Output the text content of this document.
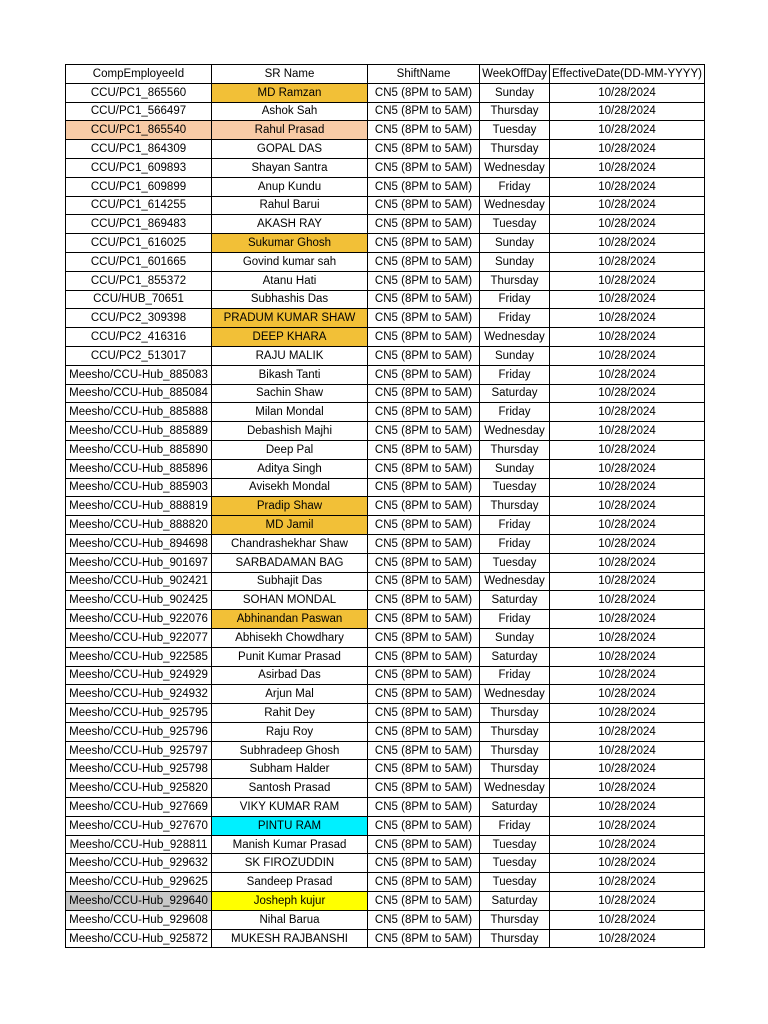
CompEmployeeId	SR Name	ShiftName	WeekOffDay	EffectiveDate(DD-MM-YYYY)
CCU/PC1_865560	MD Ramzan	CN5 (8PM to 5AM)	Sunday	10/28/2024
CCU/PC1_566497	Ashok Sah	CN5 (8PM to 5AM)	Thursday	10/28/2024
CCU/PC1_865540	Rahul Prasad	CN5 (8PM to 5AM)	Tuesday	10/28/2024
CCU/PC1_864309	GOPAL DAS	CN5 (8PM to 5AM)	Thursday	10/28/2024
CCU/PC1_609893	Shayan Santra	CN5 (8PM to 5AM)	Wednesday	10/28/2024
CCU/PC1_609899	Anup Kundu	CN5 (8PM to 5AM)	Friday	10/28/2024
CCU/PC1_614255	Rahul Barui	CN5 (8PM to 5AM)	Wednesday	10/28/2024
CCU/PC1_869483	AKASH RAY	CN5 (8PM to 5AM)	Tuesday	10/28/2024
CCU/PC1_616025	Sukumar Ghosh	CN5 (8PM to 5AM)	Sunday	10/28/2024
CCU/PC1_601665	Govind kumar sah	CN5 (8PM to 5AM)	Sunday	10/28/2024
CCU/PC1_855372	Atanu Hati	CN5 (8PM to 5AM)	Thursday	10/28/2024
CCU/HUB_70651	Subhashis Das	CN5 (8PM to 5AM)	Friday	10/28/2024
CCU/PC2_309398	PRADUM KUMAR SHAW	CN5 (8PM to 5AM)	Friday	10/28/2024
CCU/PC2_416316	DEEP KHARA	CN5 (8PM to 5AM)	Wednesday	10/28/2024
CCU/PC2_513017	RAJU MALIK	CN5 (8PM to 5AM)	Sunday	10/28/2024
Meesho/CCU-Hub_885083	Bikash Tanti	CN5 (8PM to 5AM)	Friday	10/28/2024
Meesho/CCU-Hub_885084	Sachin Shaw	CN5 (8PM to 5AM)	Saturday	10/28/2024
Meesho/CCU-Hub_885888	Milan Mondal	CN5 (8PM to 5AM)	Friday	10/28/2024
Meesho/CCU-Hub_885889	Debashish Majhi	CN5 (8PM to 5AM)	Wednesday	10/28/2024
Meesho/CCU-Hub_885890	Deep Pal	CN5 (8PM to 5AM)	Thursday	10/28/2024
Meesho/CCU-Hub_885896	Aditya Singh	CN5 (8PM to 5AM)	Sunday	10/28/2024
Meesho/CCU-Hub_885903	Avisekh Mondal	CN5 (8PM to 5AM)	Tuesday	10/28/2024
Meesho/CCU-Hub_888819	Pradip Shaw	CN5 (8PM to 5AM)	Thursday	10/28/2024
Meesho/CCU-Hub_888820	MD Jamil	CN5 (8PM to 5AM)	Friday	10/28/2024
Meesho/CCU-Hub_894698	Chandrashekhar Shaw	CN5 (8PM to 5AM)	Friday	10/28/2024
Meesho/CCU-Hub_901697	SARBADAMAN BAG	CN5 (8PM to 5AM)	Tuesday	10/28/2024
Meesho/CCU-Hub_902421	Subhajit Das	CN5 (8PM to 5AM)	Wednesday	10/28/2024
Meesho/CCU-Hub_902425	SOHAN MONDAL	CN5 (8PM to 5AM)	Saturday	10/28/2024
Meesho/CCU-Hub_922076	Abhinandan Paswan	CN5 (8PM to 5AM)	Friday	10/28/2024
Meesho/CCU-Hub_922077	Abhisekh Chowdhary	CN5 (8PM to 5AM)	Sunday	10/28/2024
Meesho/CCU-Hub_922585	Punit Kumar Prasad	CN5 (8PM to 5AM)	Saturday	10/28/2024
Meesho/CCU-Hub_924929	Asirbad Das	CN5 (8PM to 5AM)	Friday	10/28/2024
Meesho/CCU-Hub_924932	Arjun Mal	CN5 (8PM to 5AM)	Wednesday	10/28/2024
Meesho/CCU-Hub_925795	Rahit Dey	CN5 (8PM to 5AM)	Thursday	10/28/2024
Meesho/CCU-Hub_925796	Raju Roy	CN5 (8PM to 5AM)	Thursday	10/28/2024
Meesho/CCU-Hub_925797	Subhradeep Ghosh	CN5 (8PM to 5AM)	Thursday	10/28/2024
Meesho/CCU-Hub_925798	Subham Halder	CN5 (8PM to 5AM)	Thursday	10/28/2024
Meesho/CCU-Hub_925820	Santosh Prasad	CN5 (8PM to 5AM)	Wednesday	10/28/2024
Meesho/CCU-Hub_927669	VIKY KUMAR RAM	CN5 (8PM to 5AM)	Saturday	10/28/2024
Meesho/CCU-Hub_927670	PINTU RAM	CN5 (8PM to 5AM)	Friday	10/28/2024
Meesho/CCU-Hub_928811	Manish Kumar Prasad	CN5 (8PM to 5AM)	Tuesday	10/28/2024
Meesho/CCU-Hub_929632	SK FIROZUDDIN	CN5 (8PM to 5AM)	Tuesday	10/28/2024
Meesho/CCU-Hub_929625	Sandeep Prasad	CN5 (8PM to 5AM)	Tuesday	10/28/2024
Meesho/CCU-Hub_929640	Josheph kujur	CN5 (8PM to 5AM)	Saturday	10/28/2024
Meesho/CCU-Hub_929608	Nihal Barua	CN5 (8PM to 5AM)	Thursday	10/28/2024
Meesho/CCU-Hub_925872	MUKESH RAJBANSHI	CN5 (8PM to 5AM)	Thursday	10/28/2024
